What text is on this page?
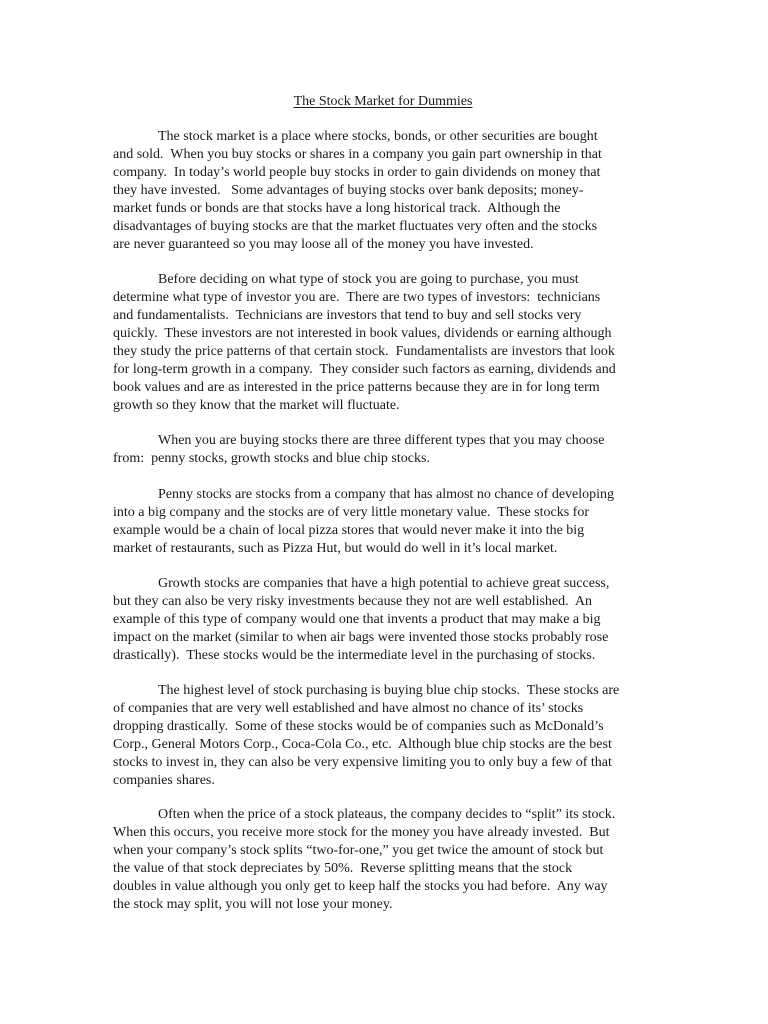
The Stock Market for Dummies
The stock market is a place where stocks, bonds, or other securities are bought
and sold.  When you buy stocks or shares in a company you gain part ownership in that
company.  In today’s world people buy stocks in order to gain dividends on money that
they have invested.   Some advantages of buying stocks over bank deposits; money-
market funds or bonds are that stocks have a long historical track.  Although the
disadvantages of buying stocks are that the market fluctuates very often and the stocks
are never guaranteed so you may loose all of the money you have invested.
Before deciding on what type of stock you are going to purchase, you must
determine what type of investor you are.  There are two types of investors:  technicians
and fundamentalists.  Technicians are investors that tend to buy and sell stocks very
quickly.  These investors are not interested in book values, dividends or earning although
they study the price patterns of that certain stock.  Fundamentalists are investors that look
for long-term growth in a company.  They consider such factors as earning, dividends and
book values and are as interested in the price patterns because they are in for long term
growth so they know that the market will fluctuate.
When you are buying stocks there are three different types that you may choose
from:  penny stocks, growth stocks and blue chip stocks.
Penny stocks are stocks from a company that has almost no chance of developing
into a big company and the stocks are of very little monetary value.  These stocks for
example would be a chain of local pizza stores that would never make it into the big
market of restaurants, such as Pizza Hut, but would do well in it’s local market.
Growth stocks are companies that have a high potential to achieve great success,
but they can also be very risky investments because they not are well established.  An
example of this type of company would one that invents a product that may make a big
impact on the market (similar to when air bags were invented those stocks probably rose
drastically).  These stocks would be the intermediate level in the purchasing of stocks.
The highest level of stock purchasing is buying blue chip stocks.  These stocks are
of companies that are very well established and have almost no chance of its’ stocks
dropping drastically.  Some of these stocks would be of companies such as McDonald’s
Corp., General Motors Corp., Coca-Cola Co., etc.  Although blue chip stocks are the best
stocks to invest in, they can also be very expensive limiting you to only buy a few of that
companies shares.
Often when the price of a stock plateaus, the company decides to “split” its stock.
When this occurs, you receive more stock for the money you have already invested.  But
when your company’s stock splits “two-for-one,” you get twice the amount of stock but
the value of that stock depreciates by 50%.  Reverse splitting means that the stock
doubles in value although you only get to keep half the stocks you had before.  Any way
the stock may split, you will not lose your money.
